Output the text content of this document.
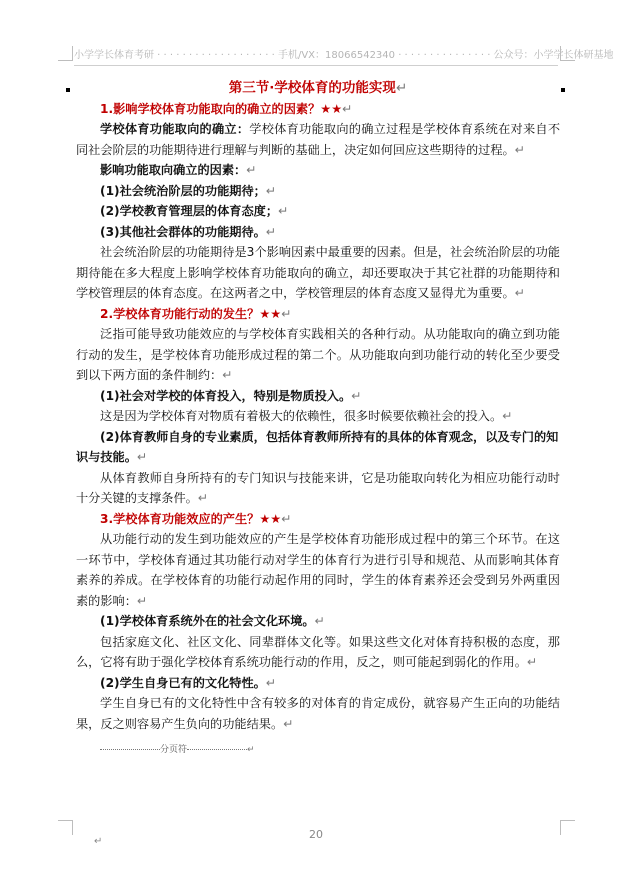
小学学长体育考研 · · · · · · · · · · · · · · · · · · · 手机/VX：18066542340 · · · · · · · · · · · · · · · 公众号：小学学长体研基地
第三节·学校体育的功能实现↵
1.影响学校体育功能取向的确立的因素？★★↵
学校体育功能取向的确立：学校体育功能取向的确立过程是学校体育系统在对来自不同社会阶层的功能期待进行理解与判断的基础上，决定如何回应这些期待的过程。↵
影响功能取向确立的因素：↵
(1)社会统治阶层的功能期待；↵
(2)学校教育管理层的体育态度；↵
(3)其他社会群体的功能期待。↵
社会统治阶层的功能期待是3个影响因素中最重要的因素。但是，社会统治阶层的功能期待能在多大程度上影响学校体育功能取向的确立，却还要取决于其它社群的功能期待和学校管理层的体育态度。在这两者之中，学校管理层的体育态度又显得尤为重要。↵
2.学校体育功能行动的发生？★★↵
泛指可能导致功能效应的与学校体育实践相关的各种行动。从功能取向的确立到功能行动的发生，是学校体育功能形成过程的第二个。从功能取向到功能行动的转化至少要受到以下两方面的条件制约：↵
(1)社会对学校的体育投入，特别是物质投入。↵
这是因为学校体育对物质有着极大的依赖性，很多时候要依赖社会的投入。↵
(2)体育教师自身的专业素质，包括体育教师所持有的具体的体育观念，以及专门的知识与技能。↵
从体育教师自身所持有的专门知识与技能来讲，它是功能取向转化为相应功能行动时十分关键的支撑条件。↵
3.学校体育功能效应的产生？★★↵
从功能行动的发生到功能效应的产生是学校体育功能形成过程中的第三个环节。在这一环节中，学校体育通过其功能行动对学生的体育行为进行引导和规范、从而影响其体育素养的养成。在学校体育的功能行动起作用的同时，学生的体育素养还会受到另外两重因素的影响：↵
(1)学校体育系统外在的社会文化环境。↵
包括家庭文化、社区文化、同辈群体文化等。如果这些文化对体育持积极的态度，那么，它将有助于强化学校体育系统功能行动的作用，反之，则可能起到弱化的作用。↵
(2)学生自身已有的文化特性。↵
学生自身已有的文化特性中含有较多的对体育的肯定成份，就容易产生正向的功能结果，反之则容易产生负向的功能结果。↵
分页符	↵
↵
20
